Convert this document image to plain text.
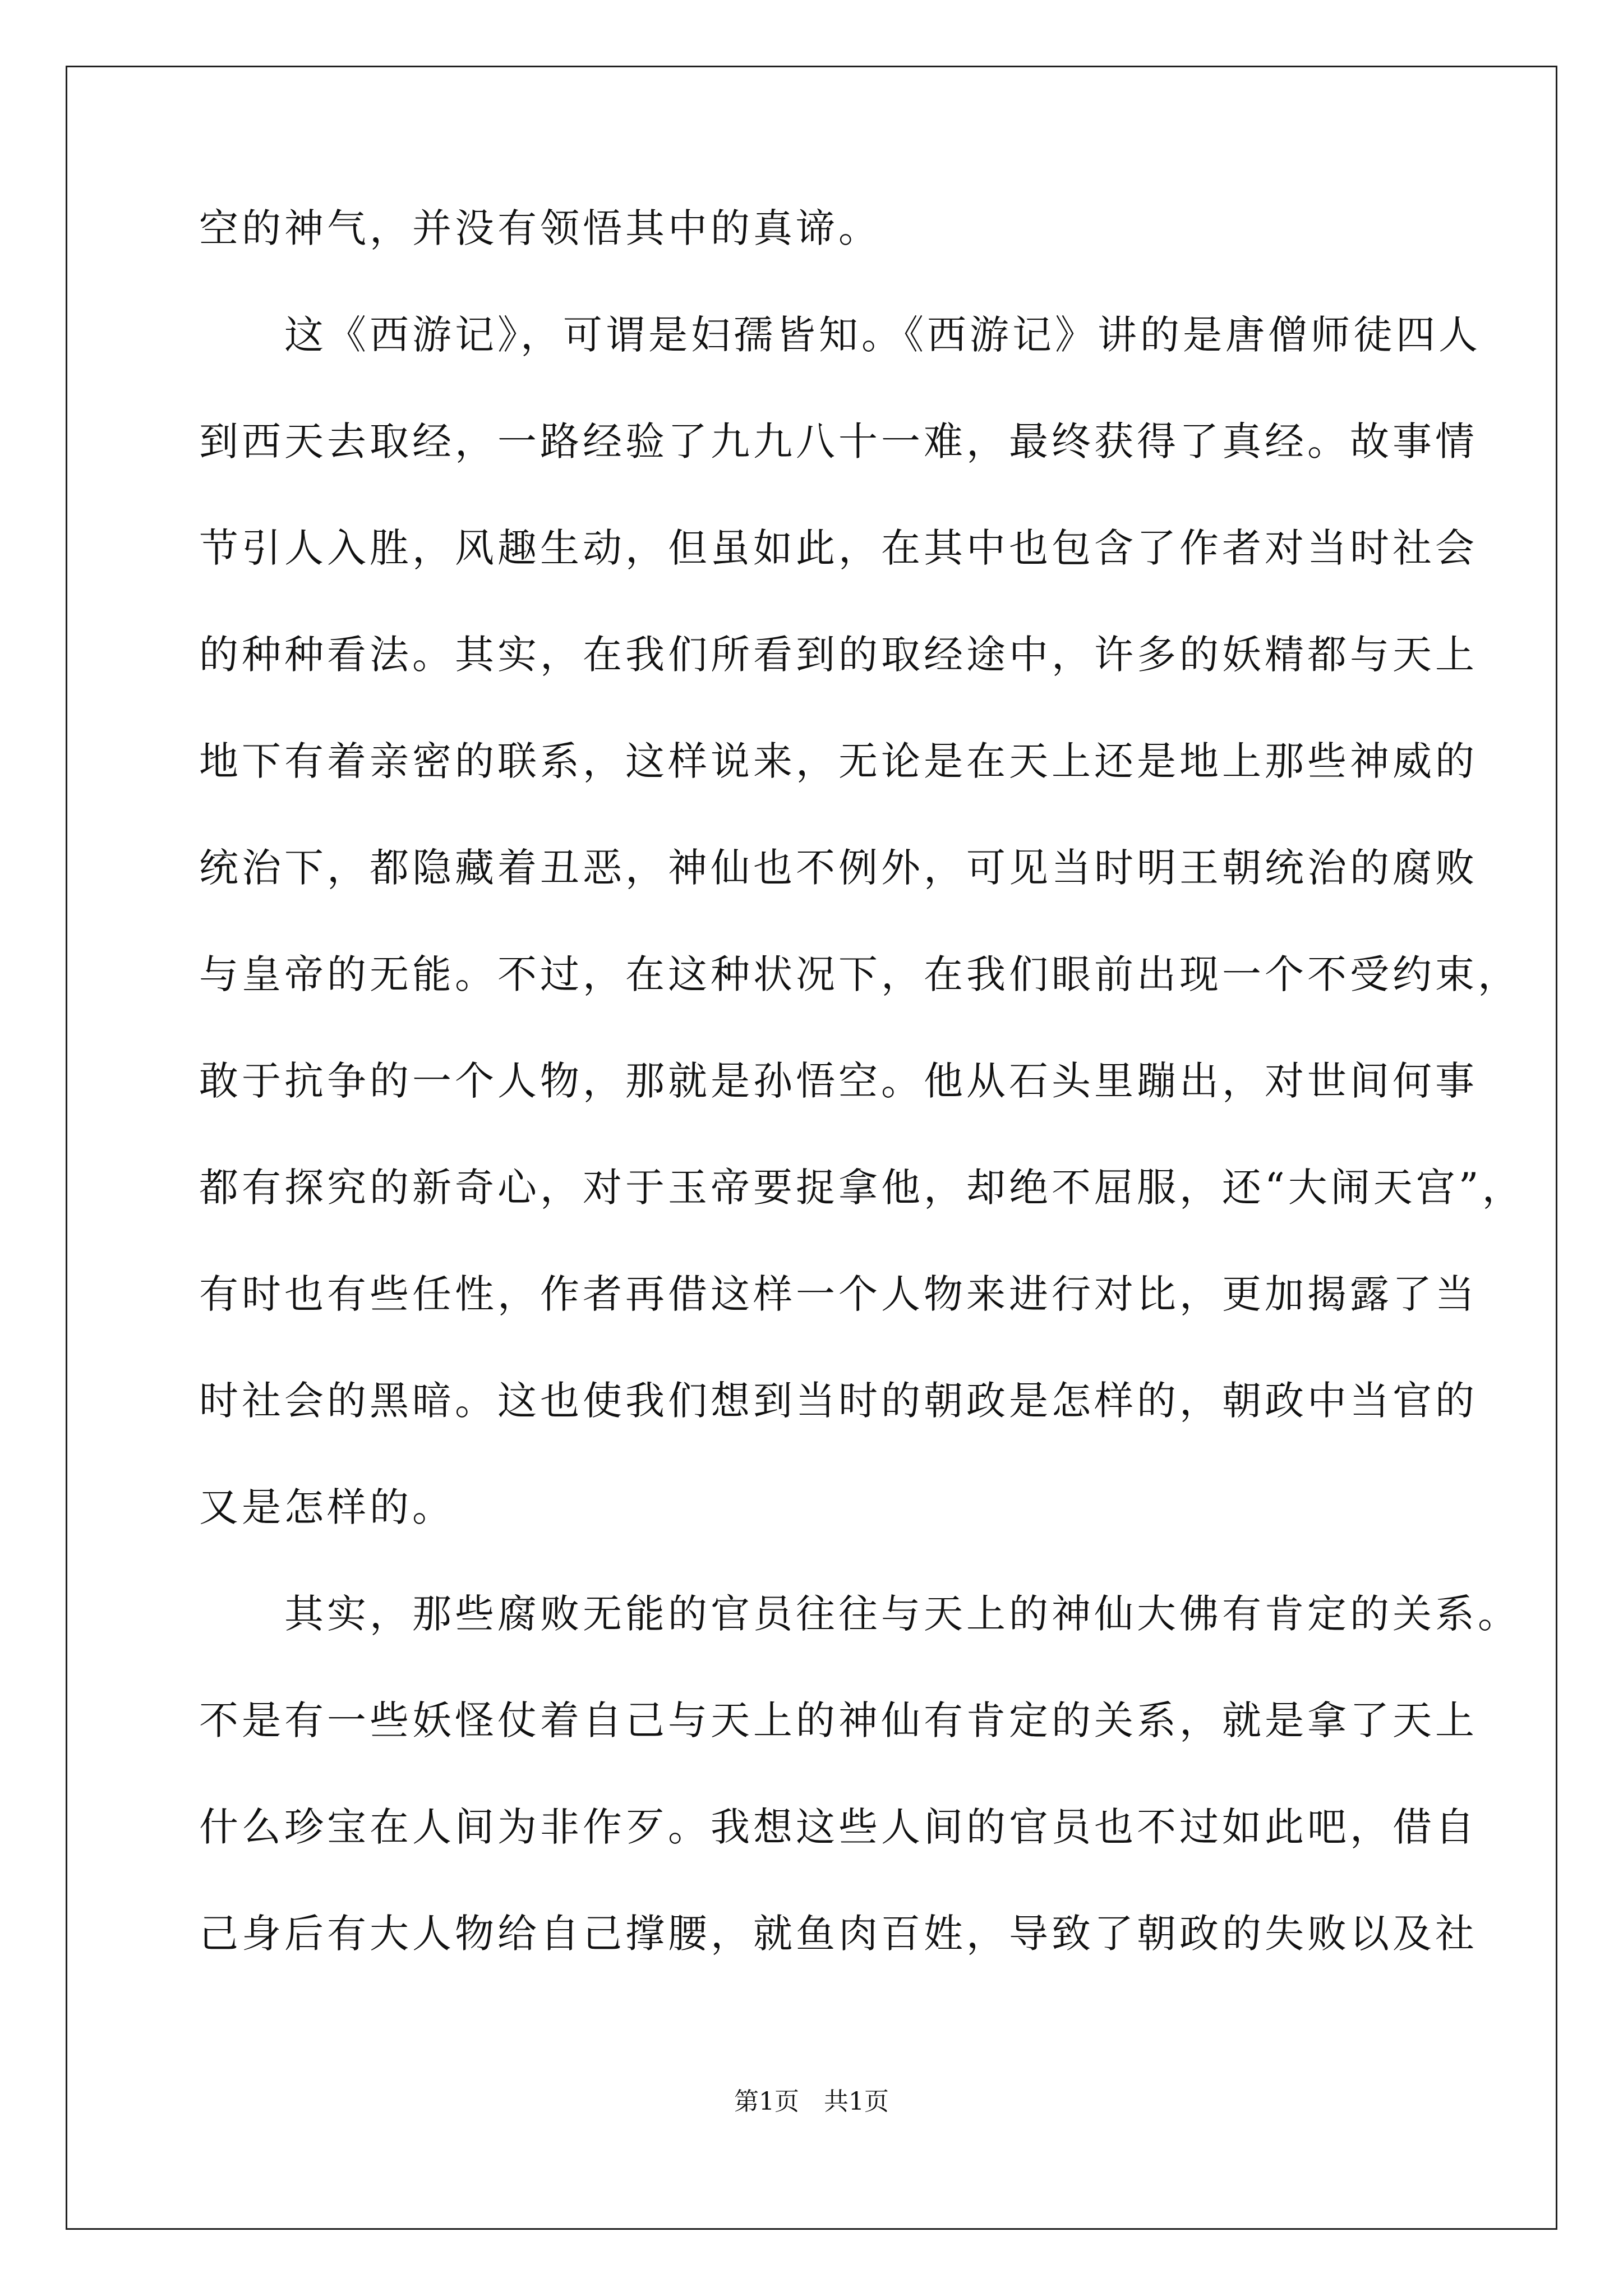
空的神气，并没有领悟其中的真谛。
　　这《西游记》，可谓是妇孺皆知。《西游记》讲的是唐僧师徒四人
到西天去取经，一路经验了九九八十一难，最终获得了真经。故事情
节引人入胜，风趣生动，但虽如此，在其中也包含了作者对当时社会
的种种看法。其实，在我们所看到的取经途中，许多的妖精都与天上
地下有着亲密的联系，这样说来，无论是在天上还是地上那些神威的
统治下，都隐藏着丑恶，神仙也不例外，可见当时明王朝统治的腐败
与皇帝的无能。不过，在这种状况下，在我们眼前出现一个不受约束，
敢于抗争的一个人物，那就是孙悟空。他从石头里蹦出，对世间何事
都有探究的新奇心，对于玉帝要捉拿他，却绝不屈服，还“大闹天宫”，
有时也有些任性，作者再借这样一个人物来进行对比，更加揭露了当
时社会的黑暗。这也使我们想到当时的朝政是怎样的，朝政中当官的
又是怎样的。
　　其实，那些腐败无能的官员往往与天上的神仙大佛有肯定的关系。
不是有一些妖怪仗着自己与天上的神仙有肯定的关系，就是拿了天上
什么珍宝在人间为非作歹。我想这些人间的官员也不过如此吧，借自
己身后有大人物给自己撑腰，就鱼肉百姓，导致了朝政的失败以及社
第1页　共1页
